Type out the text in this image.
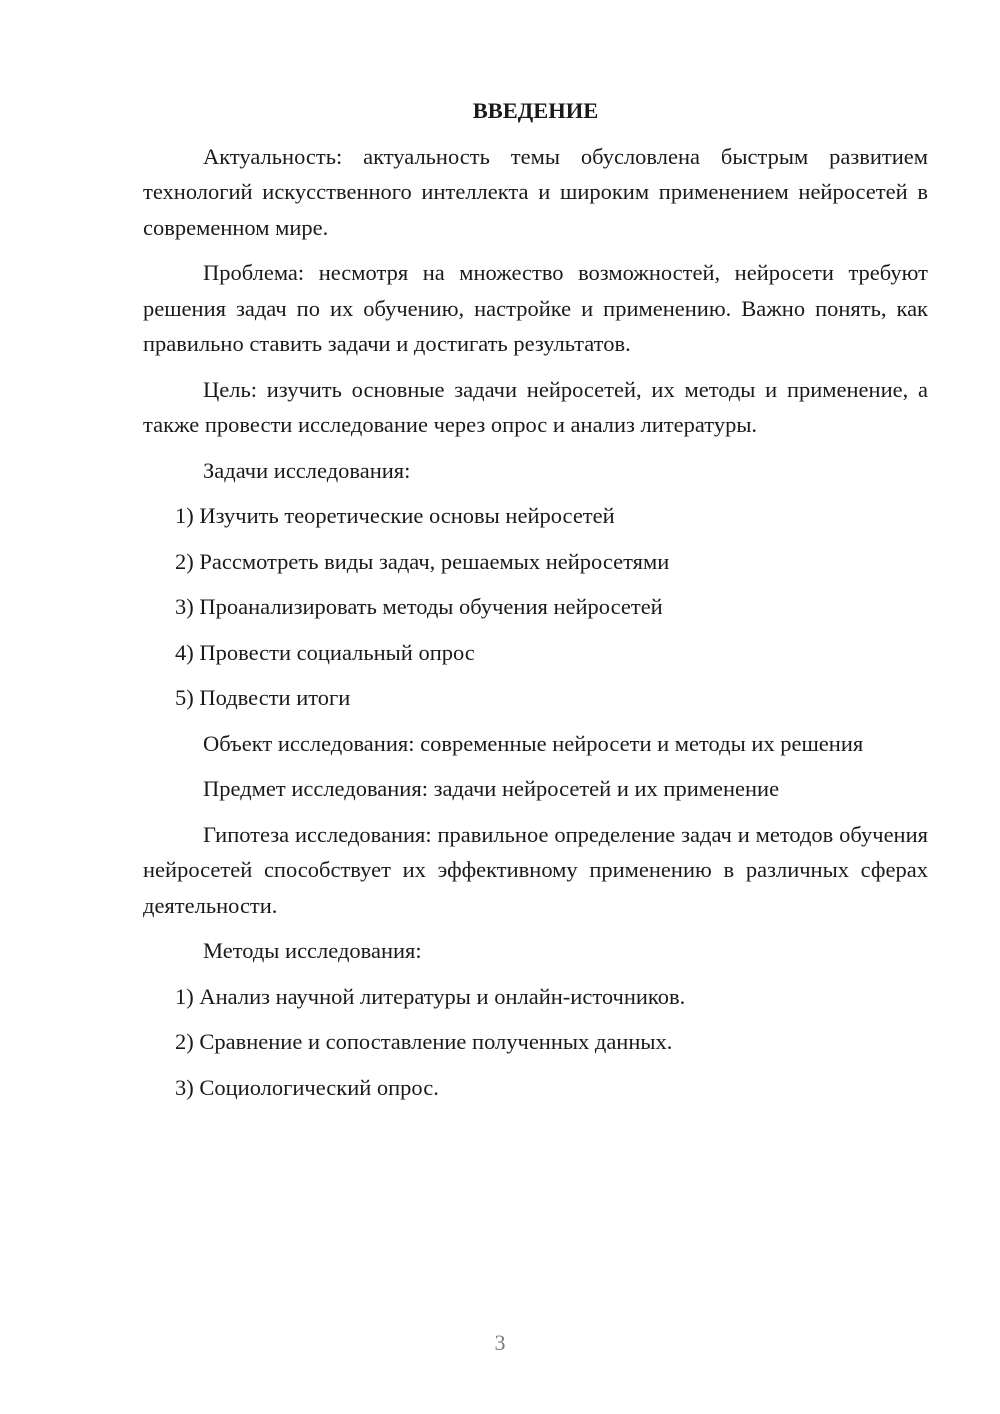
ВВЕДЕНИЕ
Актуальность: актуальность темы обусловлена быстрым развитием технологий искусственного интеллекта и широким применением нейросетей в современном мире.
Проблема: несмотря на множество возможностей, нейросети требуют решения задач по их обучению, настройке и применению. Важно понять, как правильно ставить задачи и достигать результатов.
Цель: изучить основные задачи нейросетей, их методы и применение, а также провести исследование через опрос и анализ литературы.
Задачи исследования:
1) Изучить теоретические основы нейросетей
2) Рассмотреть виды задач, решаемых нейросетями
3) Проанализировать методы обучения нейросетей
4) Провести социальный опрос
5) Подвести итоги
Объект исследования: современные нейросети и методы их решения
Предмет исследования: задачи нейросетей и их применение
Гипотеза исследования: правильное определение задач и методов обучения нейросетей способствует их эффективному применению в различных сферах деятельности.
Методы исследования:
1) Анализ научной литературы и онлайн-источников.
2) Сравнение и сопоставление полученных данных.
3) Социологический опрос.
3
